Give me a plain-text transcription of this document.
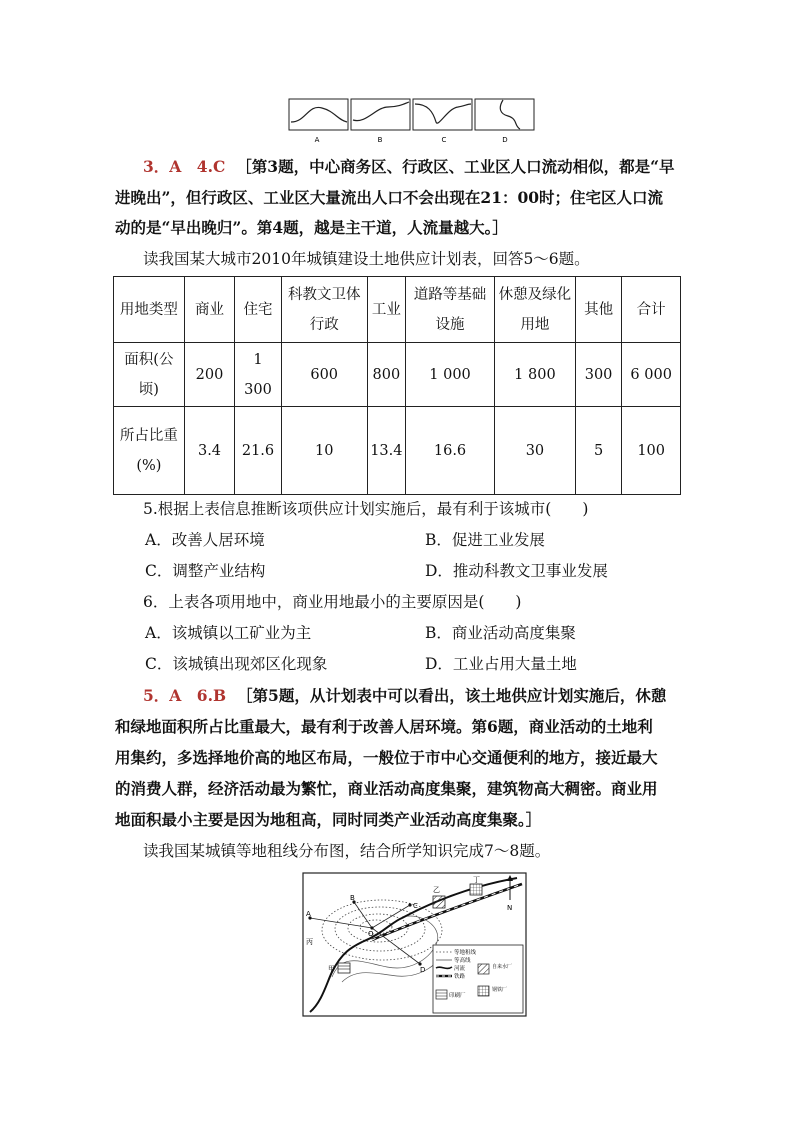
A	B	C	D
3．A　4.C ［第3题，中心商务区、行政区、工业区人口流动相似，都是“早
进晚出”，但行政区、工业区大量流出人口不会出现在21：00时；住宅区人口流
动的是“早出晚归”。第4题，越是主干道，人流量越大。］
读我国某大城市2010年城镇建设土地供应计划表，回答5～6题。
用地类型	商业	住宅	科教文卫体行政	工业	道路等基础设施	休憩及绿化用地	其他	合计
面积(公顷)	200	1 300	600	800	1 000	1 800	300	6 000
所占比重(%)	3.4	21.6	10	13.4	16.6	30	5	100
5.根据上表信息推断该项供应计划实施后，最有利于该城市(　　)
A．改善人居环境	B．促进工业发展
C．调整产业结构	D．推动科教文卫事业发展
6．上表各项用地中，商业用地最小的主要原因是(　　)
A．该城镇以工矿业为主	B．商业活动高度集聚
C．该城镇出现郊区化现象	D．工业占用大量土地
5．A　6.B ［第5题，从计划表中可以看出，该土地供应计划实施后，休憩
和绿地面积所占比重最大，最有利于改善人居环境。第6题，商业活动的土地利
用集约，多选择地价高的地区布局，一般位于市中心交通便利的地方，接近最大
的消费人群，经济活动最为繁忙，商业活动高度集聚，建筑物高大稠密。商业用
地面积最小主要是因为地租高，同时同类产业活动高度集聚。］
读我国某城镇等地租线分布图，结合所学知识完成7～8题。
A
B
C
D
O
乙
丁
丙
甲
N
等地租线
等高线
河流
铁路
印刷厂
自来水厂
钢铁厂
